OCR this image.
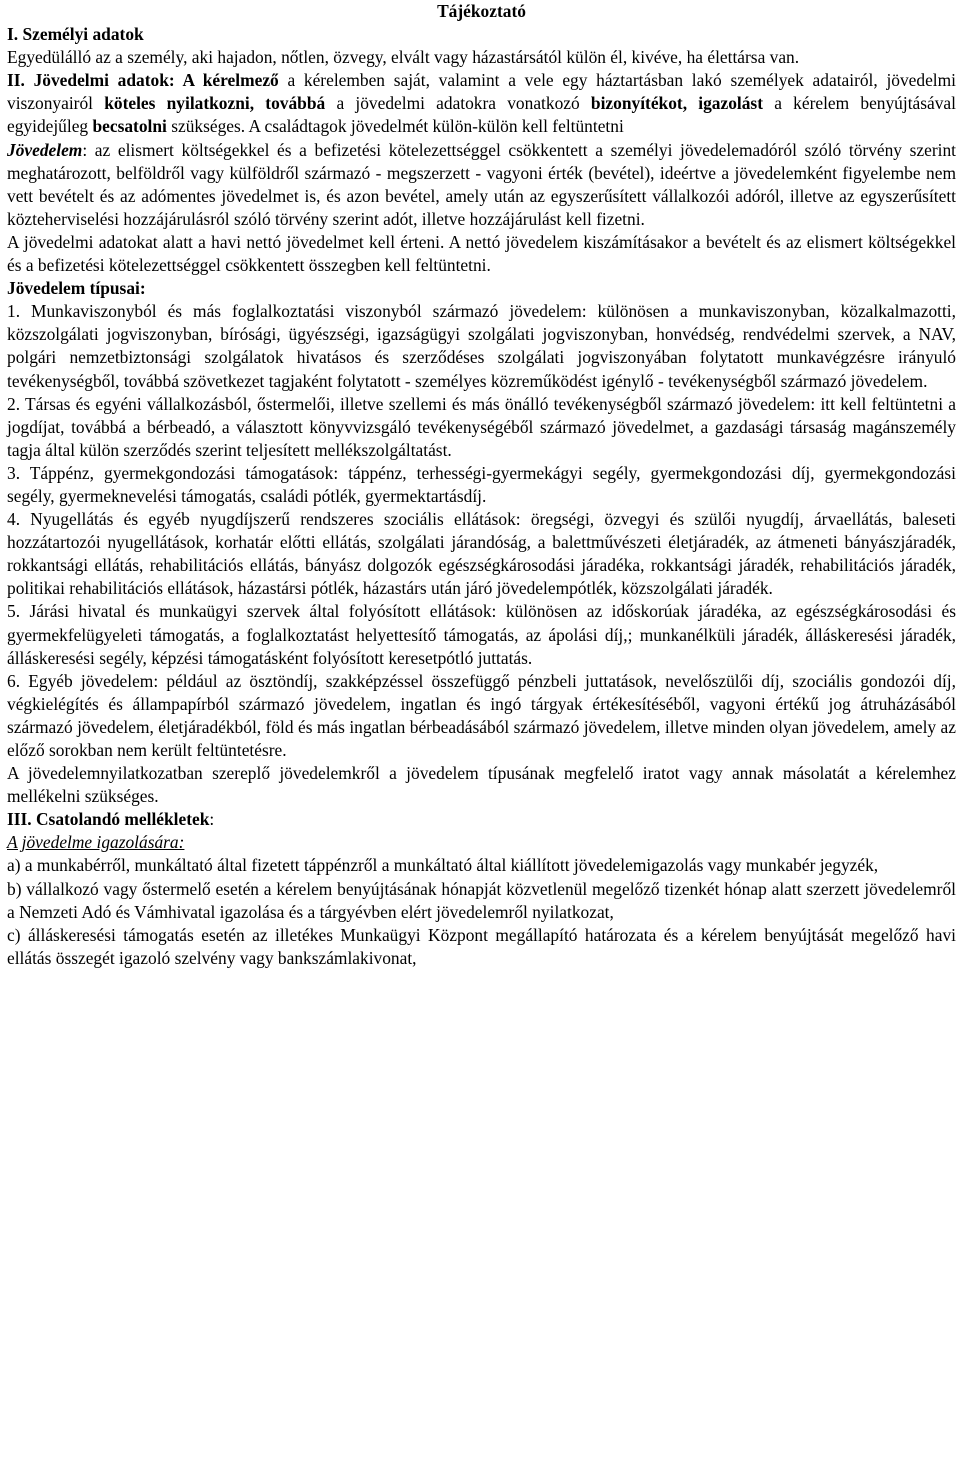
Tájékoztató

I. Személyi adatok

Egyedülálló az a személy, aki hajadon, nőtlen, özvegy, elvált vagy házastársától külön él, kivéve, ha élettársa van.

II. Jövedelmi adatok: A kérelmező a kérelemben saját, valamint a vele egy háztartásban lakó személyek adatairól, jövedelmi viszonyairól köteles nyilatkozni, továbbá a jövedelmi adatokra vonatkozó bizonyítékot, igazolást a kérelem benyújtásával egyidejűleg becsatolni szükséges. A családtagok jövedelmét külön-külön kell feltüntetni

Jövedelem: az elismert költségekkel és a befizetési kötelezettséggel csökkentett a személyi jövedelemadóról szóló törvény szerint meghatározott, belföldről vagy külföldről származó - megszerzett - vagyoni érték (bevétel), ideértve a jövedelemként figyelembe nem vett bevételt és az adómentes jövedelmet is, és azon bevétel, amely után az egyszerűsített vállalkozói adóról, illetve az egyszerűsített közteherviselési hozzájárulásról szóló törvény szerint adót, illetve hozzájárulást kell fizetni.

A jövedelmi adatokat alatt a havi nettó jövedelmet kell érteni. A nettó jövedelem kiszámításakor a bevételt és az elismert költségekkel és a befizetési kötelezettséggel csökkentett összegben kell feltüntetni.

Jövedelem típusai:

1. Munkaviszonyból és más foglalkoztatási viszonyból származó jövedelem: különösen a munkaviszonyban, közalkalmazotti, közszolgálati jogviszonyban, bírósági, ügyészségi, igazságügyi szolgálati jogviszonyban, honvédség, rendvédelmi szervek, a NAV, polgári nemzetbiztonsági szolgálatok hivatásos és szerződéses szolgálati jogviszonyában folytatott munkavégzésre irányuló tevékenységből, továbbá szövetkezet tagjaként folytatott - személyes közreműködést igénylő - tevékenységből származó jövedelem.

2. Társas és egyéni vállalkozásból, őstermelői, illetve szellemi és más önálló tevékenységből származó jövedelem: itt kell feltüntetni a jogdíjat, továbbá a bérbeadó, a választott könyvvizsgáló tevékenységéből származó jövedelmet, a gazdasági társaság magánszemély tagja által külön szerződés szerint teljesített mellékszolgáltatást.

3. Táppénz, gyermekgondozási támogatások: táppénz, terhességi-gyermekágyi segély, gyermekgondozási díj, gyermekgondozási segély, gyermeknevelési támogatás, családi pótlék, gyermektartásdíj.

4. Nyugellátás és egyéb nyugdíjszerű rendszeres szociális ellátások: öregségi, özvegyi és szülői nyugdíj, árvaellátás, baleseti hozzátartozói nyugellátások, korhatár előtti ellátás, szolgálati járandóság, a balettművészeti életjáradék, az átmeneti bányászjáradék, rokkantsági ellátás, rehabilitációs ellátás, bányász dolgozók egészségkárosodási járadéka, rokkantsági járadék, rehabilitációs járadék, politikai rehabilitációs ellátások, házastársi pótlék, házastárs után járó jövedelempótlék, közszolgálati járadék.

5. Járási hivatal és munkaügyi szervek által folyósított ellátások: különösen az időskorúak járadéka, az egészségkárosodási és gyermekfelügyeleti támogatás, a foglalkoztatást helyettesítő támogatás, az ápolási díj,; munkanélküli járadék, álláskeresési járadék, álláskeresési segély, képzési támogatásként folyósított keresetpótló juttatás.

6. Egyéb jövedelem: például az ösztöndíj, szakképzéssel összefüggő pénzbeli juttatások, nevelőszülői díj, szociális gondozói díj, végkielégítés és állampapírból származó jövedelem, ingatlan és ingó tárgyak értékesítéséből, vagyoni értékű jog átruházásából származó jövedelem, életjáradékból, föld és más ingatlan bérbeadásából származó jövedelem, illetve minden olyan jövedelem, amely az előző sorokban nem került feltüntetésre.

A jövedelemnyilatkozatban szereplő jövedelemkről a jövedelem típusának megfelelő iratot vagy annak másolatát a kérelemhez mellékelni szükséges.

III. Csatolandó mellékletek:

A jövedelme igazolására:

a) a munkabérről, munkáltató által fizetett táppénzről a munkáltató által kiállított jövedelemigazolás vagy munkabér jegyzék,

b) vállalkozó vagy őstermelő esetén a kérelem benyújtásának hónapját közvetlenül megelőző tizenkét hónap alatt szerzett jövedelemről a Nemzeti Adó és Vámhivatal igazolása és a tárgyévben elért jövedelemről nyilatkozat,

c) álláskeresési támogatás esetén az illetékes Munkaügyi Központ megállapító határozata és a kérelem benyújtását megelőző havi ellátás összegét igazoló szelvény vagy bankszámlakivonat,
